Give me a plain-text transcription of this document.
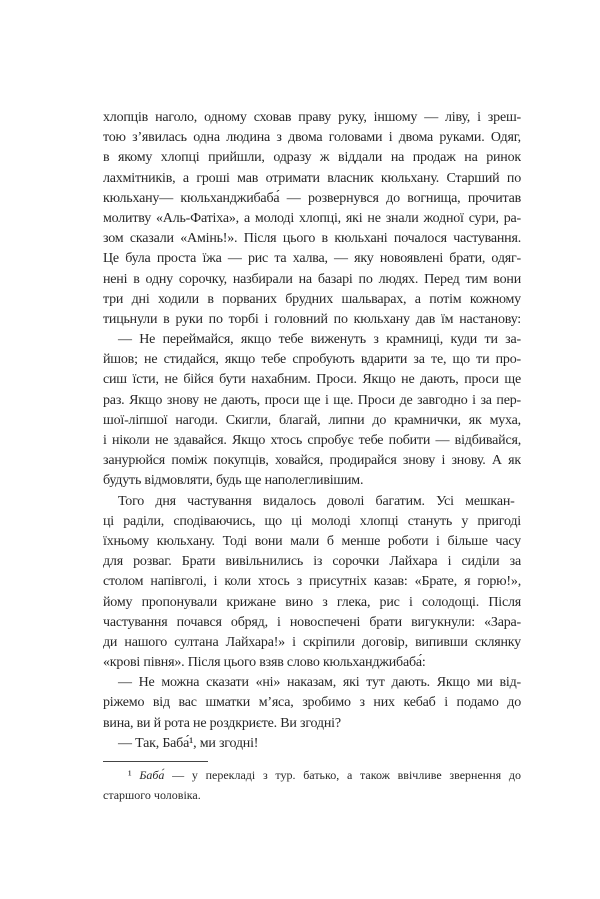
хлопців наголо, одному сховав праву руку, іншому — ліву, і зреш-
тою з’явилась одна людина з двома головами і двома руками. Одяг,
в якому хлопці прийшли, одразу ж віддали на продаж на ринок
лахмітників, а гроші мав отримати власник кюльхану. Старший по
кюльхану— кюльханджибаба́ — розвернувся до вогнища, прочитав
молитву «Аль-Фатіха», а молоді хлопці, які не знали жодної сури, ра-
зом сказали «Амінь!». Після цього в кюльхані почалося частування.
Це була проста їжа — рис та халва, — яку новоявлені брати, одяг-
нені в одну сорочку, назбирали на базарі по людях. Перед тим вони
три дні ходили в порваних брудних шальварах, а потім кожному
тицьнули в руки по торбі і головний по кюльхану дав їм настанову:
— Не переймайся, якщо тебе виженуть з крамниці, куди ти за-
йшов; не стидайся, якщо тебе спробують вдарити за те, що ти про-
сиш їсти, не бійся бути нахабним. Проси. Якщо не дають, проси ще
раз. Якщо знову не дають, проси ще і ще. Проси де завгодно і за пер-
шої-ліпшої нагоди. Скигли, благай, липни до крамнички, як муха,
і ніколи не здавайся. Якщо хтось спробує тебе побити — відбивайся,
занурюйся поміж покупців, ховайся, продирайся знову і знову. А як
будуть відмовляти, будь ще наполегливішим.
Того дня частування видалось доволі багатим. Усі мешкан-
ці раділи, сподіваючись, що ці молоді хлопці стануть у пригоді
їхньому кюльхану. Тоді вони мали б менше роботи і більше часу
для розваг. Брати вивільнились із сорочки Лайхара і сиділи за
столом напівголі, і коли хтось з присутніх казав: «Брате, я горю!»,
йому пропонували крижане вино з глека, рис і солодощі. Після
частування почався обряд, і новоспечені брати вигукнули: «Зара-
ди нашого султана Лайхара!» і скріпили договір, випивши склянку
«крові півня». Після цього взяв слово кюльханджибаба́:
— Не можна сказати «ні» наказам, які тут дають. Якщо ми від-
ріжемо від вас шматки м’яса, зробимо з них кебаб і подамо до
вина, ви й рота не роздкриєте. Ви згодні?
— Так, Баба́¹, ми згодні!
¹ Баба́ — у перекладі з тур. батько, а також ввічливе звернення до
старшого чоловіка.
